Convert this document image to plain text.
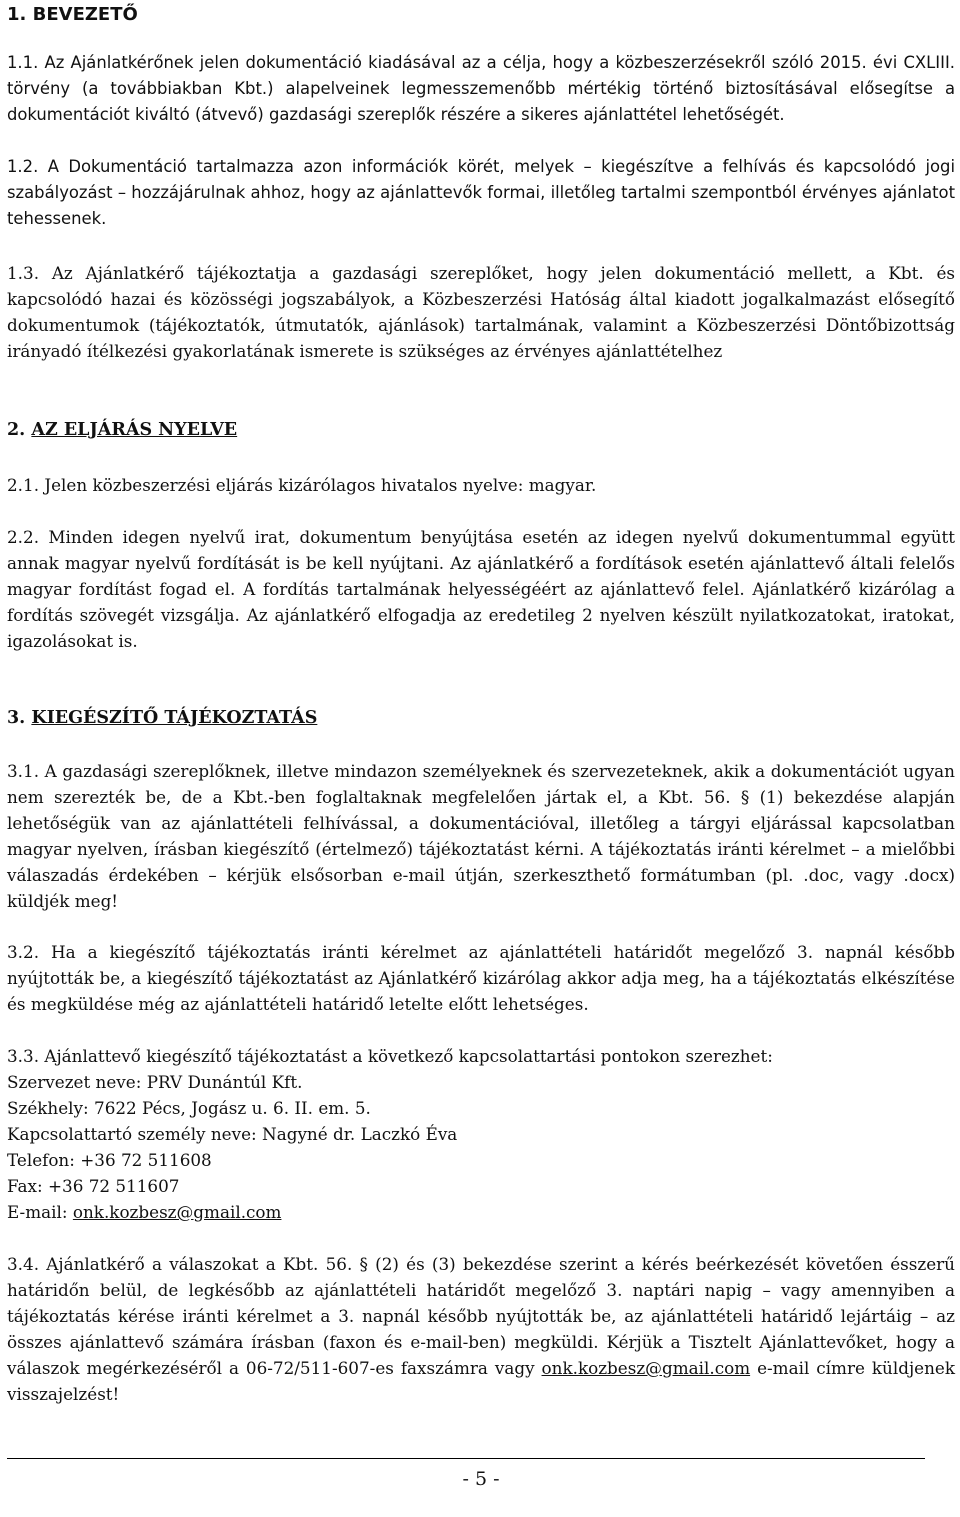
1. BEVEZETŐ

1.1. Az Ajánlatkérőnek jelen dokumentáció kiadásával az a célja, hogy a közbeszerzésekről szóló 2015. évi CXLIII. törvény (a továbbiakban Kbt.) alapelveinek legmesszemenőbb mértékig történő biztosításával elősegítse a dokumentációt kiváltó (átvevő) gazdasági szereplők részére a sikeres ajánlattétel lehetőségét.

1.2. A Dokumentáció tartalmazza azon információk körét, melyek – kiegészítve a felhívás és kapcsolódó jogi szabályozást – hozzájárulnak ahhoz, hogy az ajánlattevők formai, illetőleg tartalmi szempontból érvényes ajánlatot tehessenek.

1.3. Az Ajánlatkérő tájékoztatja a gazdasági szereplőket, hogy jelen dokumentáció mellett, a Kbt. és kapcsolódó hazai és közösségi jogszabályok, a Közbeszerzési Hatóság által kiadott jogalkalmazást elősegítő dokumentumok (tájékoztatók, útmutatók, ajánlások) tartalmának, valamint a Közbeszerzési Döntőbizottság irányadó ítélkezési gyakorlatának ismerete is szükséges az érvényes ajánlattételhez

2. AZ ELJÁRÁS NYELVE

2.1. Jelen közbeszerzési eljárás kizárólagos hivatalos nyelve: magyar.

2.2. Minden idegen nyelvű irat, dokumentum benyújtása esetén az idegen nyelvű dokumentummal együtt annak magyar nyelvű fordítását is be kell nyújtani. Az ajánlatkérő a fordítások esetén ajánlattevő általi felelős magyar fordítást fogad el. A fordítás tartalmának helyességéért az ajánlattevő felel. Ajánlatkérő kizárólag a fordítás szövegét vizsgálja. Az ajánlatkérő elfogadja az eredetileg 2 nyelven készült nyilatkozatokat, iratokat, igazolásokat is.

3. KIEGÉSZÍTŐ TÁJÉKOZTATÁS

3.1. A gazdasági szereplőknek, illetve mindazon személyeknek és szervezeteknek, akik a dokumentációt ugyan nem szerezték be, de a Kbt.-ben foglaltaknak megfelelően jártak el, a Kbt. 56. § (1) bekezdése alapján lehetőségük van az ajánlattételi felhívással, a dokumentációval, illetőleg a tárgyi eljárással kapcsolatban magyar nyelven, írásban kiegészítő (értelmező) tájékoztatást kérni. A tájékoztatás iránti kérelmet – a mielőbbi válaszadás érdekében – kérjük elsősorban e-mail útján, szerkeszthető formátumban (pl. .doc, vagy .docx) küldjék meg!

3.2. Ha a kiegészítő tájékoztatás iránti kérelmet az ajánlattételi határidőt megelőző 3. napnál később nyújtották be, a kiegészítő tájékoztatást az Ajánlatkérő kizárólag akkor adja meg, ha a tájékoztatás elkészítése és megküldése még az ajánlattételi határidő letelte előtt lehetséges.

3.3. Ajánlattevő kiegészítő tájékoztatást a következő kapcsolattartási pontokon szerezhet:
Szervezet neve: PRV Dunántúl Kft.
Székhely: 7622 Pécs, Jogász u. 6. II. em. 5.
Kapcsolattartó személy neve: Nagyné dr. Laczkó Éva
Telefon: +36 72 511608
Fax: +36 72 511607
E-mail: onk.kozbesz@gmail.com

3.4. Ajánlatkérő a válaszokat a Kbt. 56. § (2) és (3) bekezdése szerint a kérés beérkezését követően ésszerű határidőn belül, de legkésőbb az ajánlattételi határidőt megelőző 3. naptári napig – vagy amennyiben a tájékoztatás kérése iránti kérelmet a 3. napnál később nyújtották be, az ajánlattételi határidő lejártáig – az összes ajánlattevő számára írásban (faxon és e-mail-ben) megküldi. Kérjük a Tisztelt Ajánlattevőket, hogy a válaszok megérkezéséről a 06-72/511-607-es faxszámra vagy onk.kozbesz@gmail.com e-mail címre küldjenek visszajelzést!

- 5 -
